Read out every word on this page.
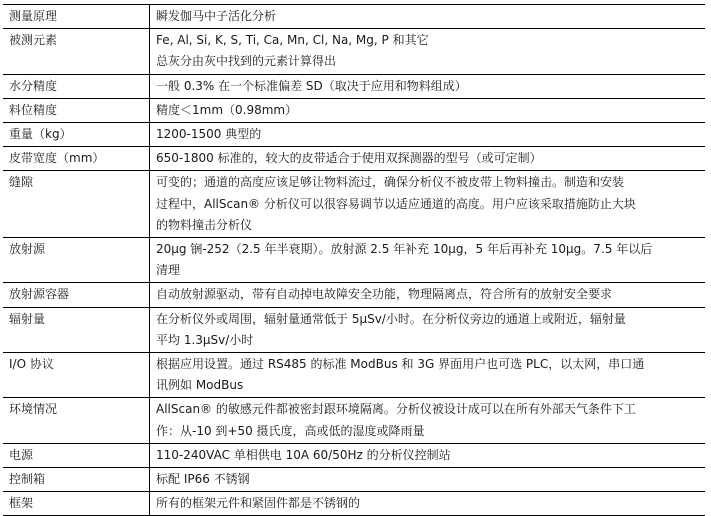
测量原理	瞬发伽马中子活化分析

被测元素	Fe, Al, Si, K, S, Ti, Ca, Mn, Cl, Na, Mg, P 和其它
总灰分由灰中找到的元素计算得出

水分精度	一般 0.3% 在一个标准偏差 SD（取决于应用和物料组成）

料位精度	精度＜1mm（0.98mm）

重量（kg）	1200-1500 典型的

皮带宽度（mm）	650-1800 标准的，较大的皮带适合于使用双探测器的型号（或可定制）

缝隙	可变的；通道的高度应该足够让物料流过，确保分析仪不被皮带上物料撞击。制造和安装
过程中，AllScan® 分析仪可以很容易调节以适应通道的高度。用户应该采取措施防止大块
的物料撞击分析仪

放射源	20μg 锎-252（2.5 年半衰期）。放射源 2.5 年补充 10μg，5 年后再补充 10μg。7.5 年以后
清理

放射源容器	自动放射源驱动，带有自动掉电故障安全功能，物理隔离点，符合所有的放射安全要求

辐射量	在分析仪外或周围，辐射量通常低于 5μSv/小时。在分析仪旁边的通道上或附近，辐射量
平均 1.3μSv/小时

I/O 协议	根据应用设置。通过 RS485 的标准 ModBus 和 3G 界面用户也可选 PLC，以太网，串口通
讯例如 ModBus

环境情况	AllScan® 的敏感元件都被密封跟环境隔离。分析仪被设计成可以在所有外部天气条件下工
作：从-10 到+50 摄氏度，高或低的湿度或降雨量

电源	110-240VAC 单相供电 10A 60/50Hz 的分析仪控制站

控制箱	标配 IP66 不锈钢

框架	所有的框架元件和紧固件都是不锈钢的
